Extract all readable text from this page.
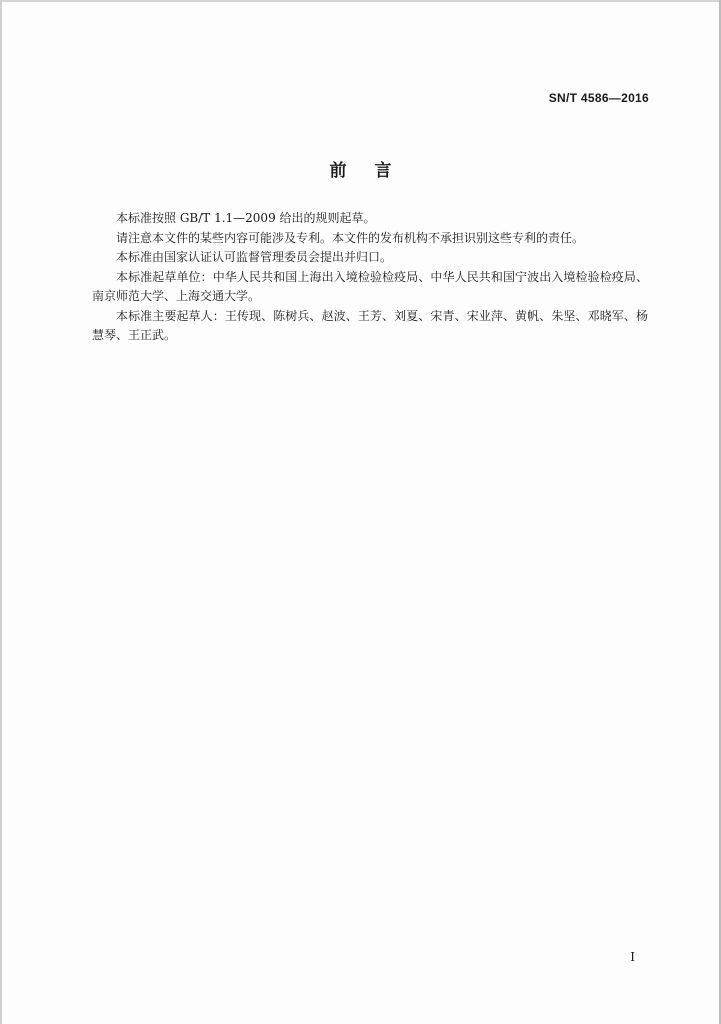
SN/T 4586—2016
前 言

本标准按照 GB/T 1.1—2009 给出的规则起草。

请注意本文件的某些内容可能涉及专利。本文件的发布机构不承担识别这些专利的责任。

本标准由国家认证认可监督管理委员会提出并归口。

本标准起草单位：中华人民共和国上海出入境检验检疫局、中华人民共和国宁波出入境检验检疫局、南京师范大学、上海交通大学。

本标准主要起草人：王传现、陈树兵、赵波、王芳、刘夏、宋青、宋业萍、黄帆、朱坚、邓晓军、杨慧琴、王正武。

I
